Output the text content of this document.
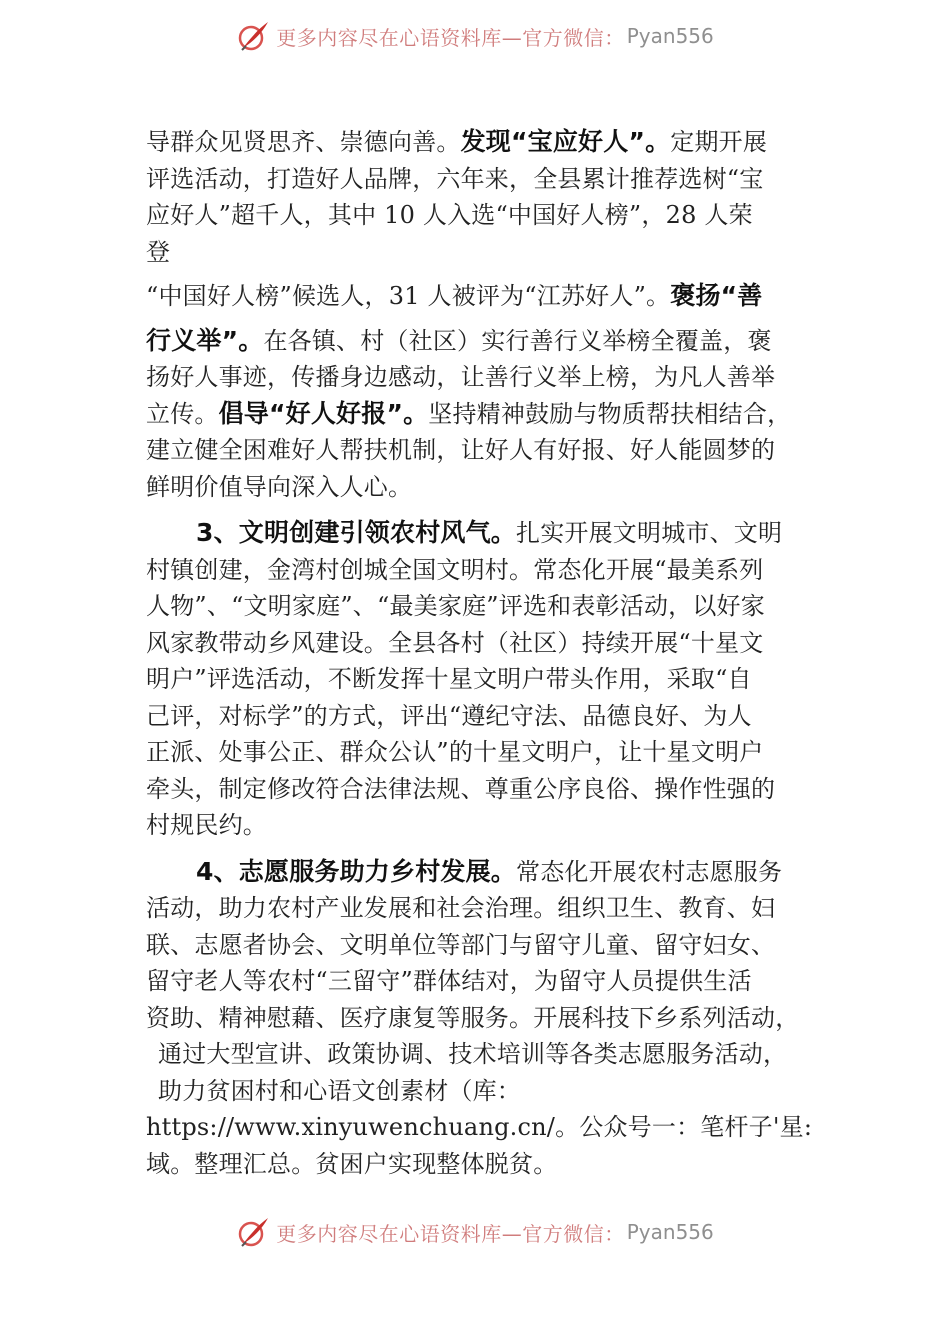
更多内容尽在心语资料库—官方微信： Pyan556
导群众见贤思齐、崇德向善。发现“宝应好人”。定期开展
评选活动，打造好人品牌，六年来，全县累计推荐选树“宝
应好人”超千人，其中 10 人入选“中国好人榜”，28 人荣
登
“中国好人榜”候选人，31 人被评为“江苏好人”。褒扬“善
行义举”。在各镇、村（社区）实行善行义举榜全覆盖，褒
扬好人事迹，传播身边感动，让善行义举上榜，为凡人善举
立传。倡导“好人好报”。坚持精神鼓励与物质帮扶相结合，
建立健全困难好人帮扶机制，让好人有好报、好人能圆梦的
鲜明价值导向深入人心。
3、文明创建引领农村风气。扎实开展文明城市、文明
村镇创建，金湾村创城全国文明村。常态化开展“最美系列
人物”、“文明家庭”、“最美家庭”评选和表彰活动，以好家
风家教带动乡风建设。全县各村（社区）持续开展“十星文
明户”评选活动，不断发挥十星文明户带头作用，采取“自
己评，对标学”的方式，评出“遵纪守法、品德良好、为人
正派、处事公正、群众公认”的十星文明户，让十星文明户
牵头，制定修改符合法律法规、尊重公序良俗、操作性强的
村规民约。
4、志愿服务助力乡村发展。常态化开展农村志愿服务
活动，助力农村产业发展和社会治理。组织卫生、教育、妇
联、志愿者协会、文明单位等部门与留守儿童、留守妇女、
留守老人等农村“三留守”群体结对，为留守人员提供生活
资助、精神慰藉、医疗康复等服务。开展科技下乡系列活动，
通过大型宣讲、政策协调、技术培训等各类志愿服务活动，
助力贫困村和心语文创素材（库：
https://www.xinyuwenchuang.cn/。公众号一：笔杆子'星:
域。整理汇总。贫困户实现整体脱贫。
更多内容尽在心语资料库—官方微信： Pyan556
